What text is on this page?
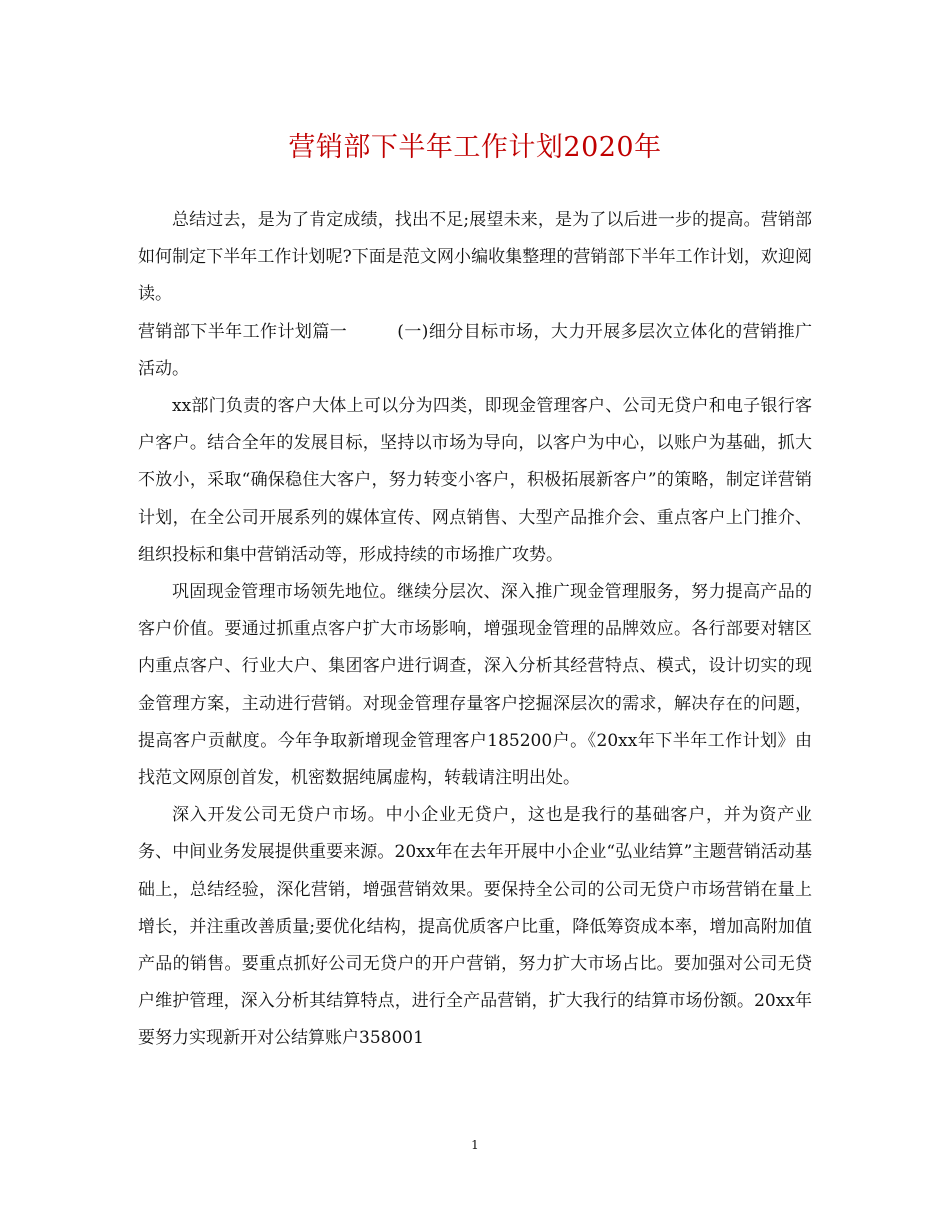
营销部下半年工作计划2020年

总结过去，是为了肯定成绩，找出不足;展望未来，是为了以后进一步的提高。营销部如何制定下半年工作计划呢?下面是范文网小编收集整理的营销部下半年工作计划，欢迎阅读。

营销部下半年工作计划篇一	(一)细分目标市场，大力开展多层次立体化的营销推广活动。

xx部门负责的客户大体上可以分为四类，即现金管理客户、公司无贷户和电子银行客户客户。结合全年的发展目标，坚持以市场为导向，以客户为中心，以账户为基础，抓大不放小，采取“确保稳住大客户，努力转变小客户，积极拓展新客户”的策略，制定详营销计划，在全公司开展系列的媒体宣传、网点销售、大型产品推介会、重点客户上门推介、组织投标和集中营销活动等，形成持续的市场推广攻势。

巩固现金管理市场领先地位。继续分层次、深入推广现金管理服务，努力提高产品的客户价值。要通过抓重点客户扩大市场影响，增强现金管理的品牌效应。各行部要对辖区内重点客户、行业大户、集团客户进行调查，深入分析其经营特点、模式，设计切实的现金管理方案，主动进行营销。对现金管理存量客户挖掘深层次的需求，解决存在的问题，提高客户贡献度。今年争取新增现金管理客户185200户。《20xx年下半年工作计划》由找范文网原创首发，机密数据纯属虚构，转载请注明出处。

深入开发公司无贷户市场。中小企业无贷户，这也是我行的基础客户，并为资产业务、中间业务发展提供重要来源。20xx年在去年开展中小企业“弘业结算”主题营销活动基础上，总结经验，深化营销，增强营销效果。要保持全公司的公司无贷户市场营销在量上增长，并注重改善质量;要优化结构，提高优质客户比重，降低筹资成本率，增加高附加值产品的销售。要重点抓好公司无贷户的开户营销，努力扩大市场占比。要加强对公司无贷户维护管理，深入分析其结算特点，进行全产品营销，扩大我行的结算市场份额。20xx年要努力实现新开对公结算账户358001

1
